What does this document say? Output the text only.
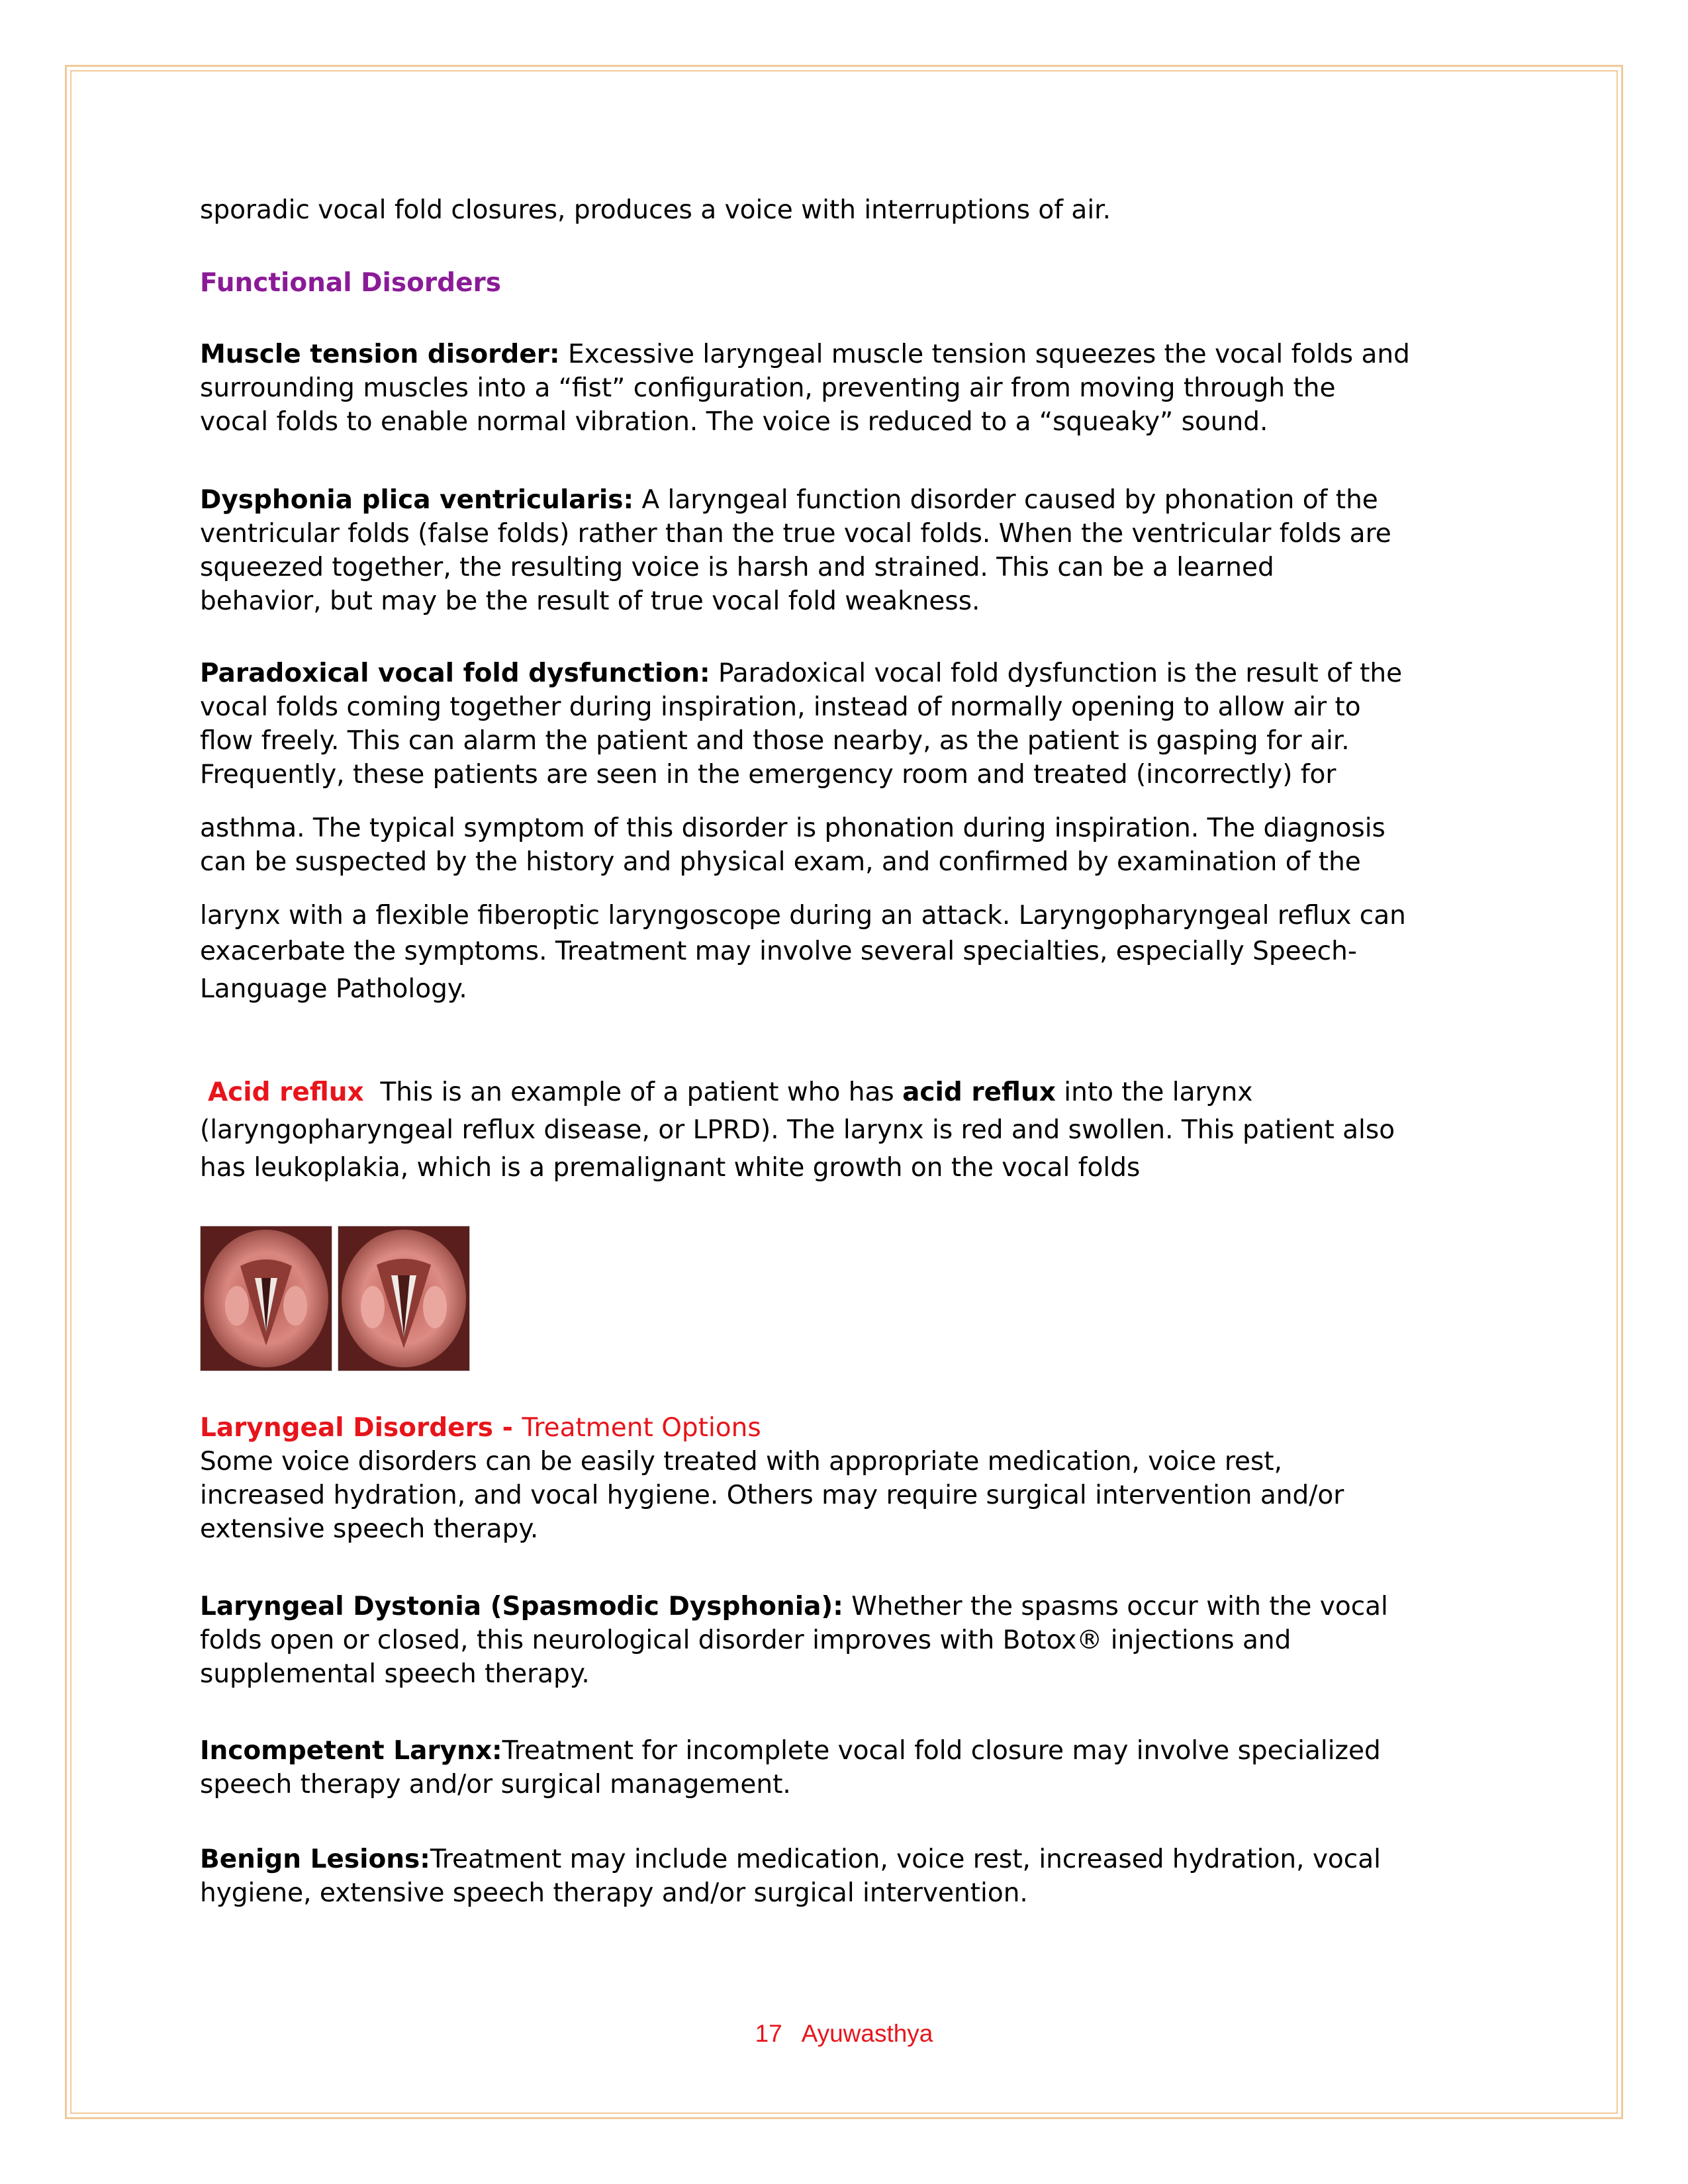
sporadic vocal fold closures, produces a voice with interruptions of air.

Functional Disorders

Muscle tension disorder: Excessive laryngeal muscle tension squeezes the vocal folds and

surrounding muscles into a “fist” configuration, preventing air from moving through the

vocal folds to enable normal vibration. The voice is reduced to a “squeaky” sound.

Dysphonia plica ventricularis: A laryngeal function disorder caused by phonation of the

ventricular folds (false folds) rather than the true vocal folds. When the ventricular folds are

squeezed together, the resulting voice is harsh and strained. This can be a learned

behavior, but may be the result of true vocal fold weakness.

Paradoxical vocal fold dysfunction: Paradoxical vocal fold dysfunction is the result of the

vocal folds coming together during inspiration, instead of normally opening to allow air to

flow freely. This can alarm the patient and those nearby, as the patient is gasping for air.

Frequently, these patients are seen in the emergency room and treated (incorrectly) for

asthma. The typical symptom of this disorder is phonation during inspiration. The diagnosis

can be suspected by the history and physical exam, and confirmed by examination of the

larynx with a flexible fiberoptic laryngoscope during an attack. Laryngopharyngeal reflux can

exacerbate the symptoms. Treatment may involve several specialties, especially Speech-

Language Pathology.

Acid reflux  This is an example of a patient who has acid reflux into the larynx

(laryngopharyngeal reflux disease, or LPRD). The larynx is red and swollen. This patient also

has leukoplakia, which is a premalignant white growth on the vocal folds

Laryngeal Disorders - Treatment Options

Some voice disorders can be easily treated with appropriate medication, voice rest,

increased hydration, and vocal hygiene. Others may require surgical intervention and/or

extensive speech therapy.

Laryngeal Dystonia (Spasmodic Dysphonia): Whether the spasms occur with the vocal

folds open or closed, this neurological disorder improves with Botox® injections and

supplemental speech therapy.

Incompetent Larynx:Treatment for incomplete vocal fold closure may involve specialized

speech therapy and/or surgical management.

Benign Lesions:Treatment may include medication, voice rest, increased hydration, vocal

hygiene, extensive speech therapy and/or surgical intervention.

17   Ayuwasthya
